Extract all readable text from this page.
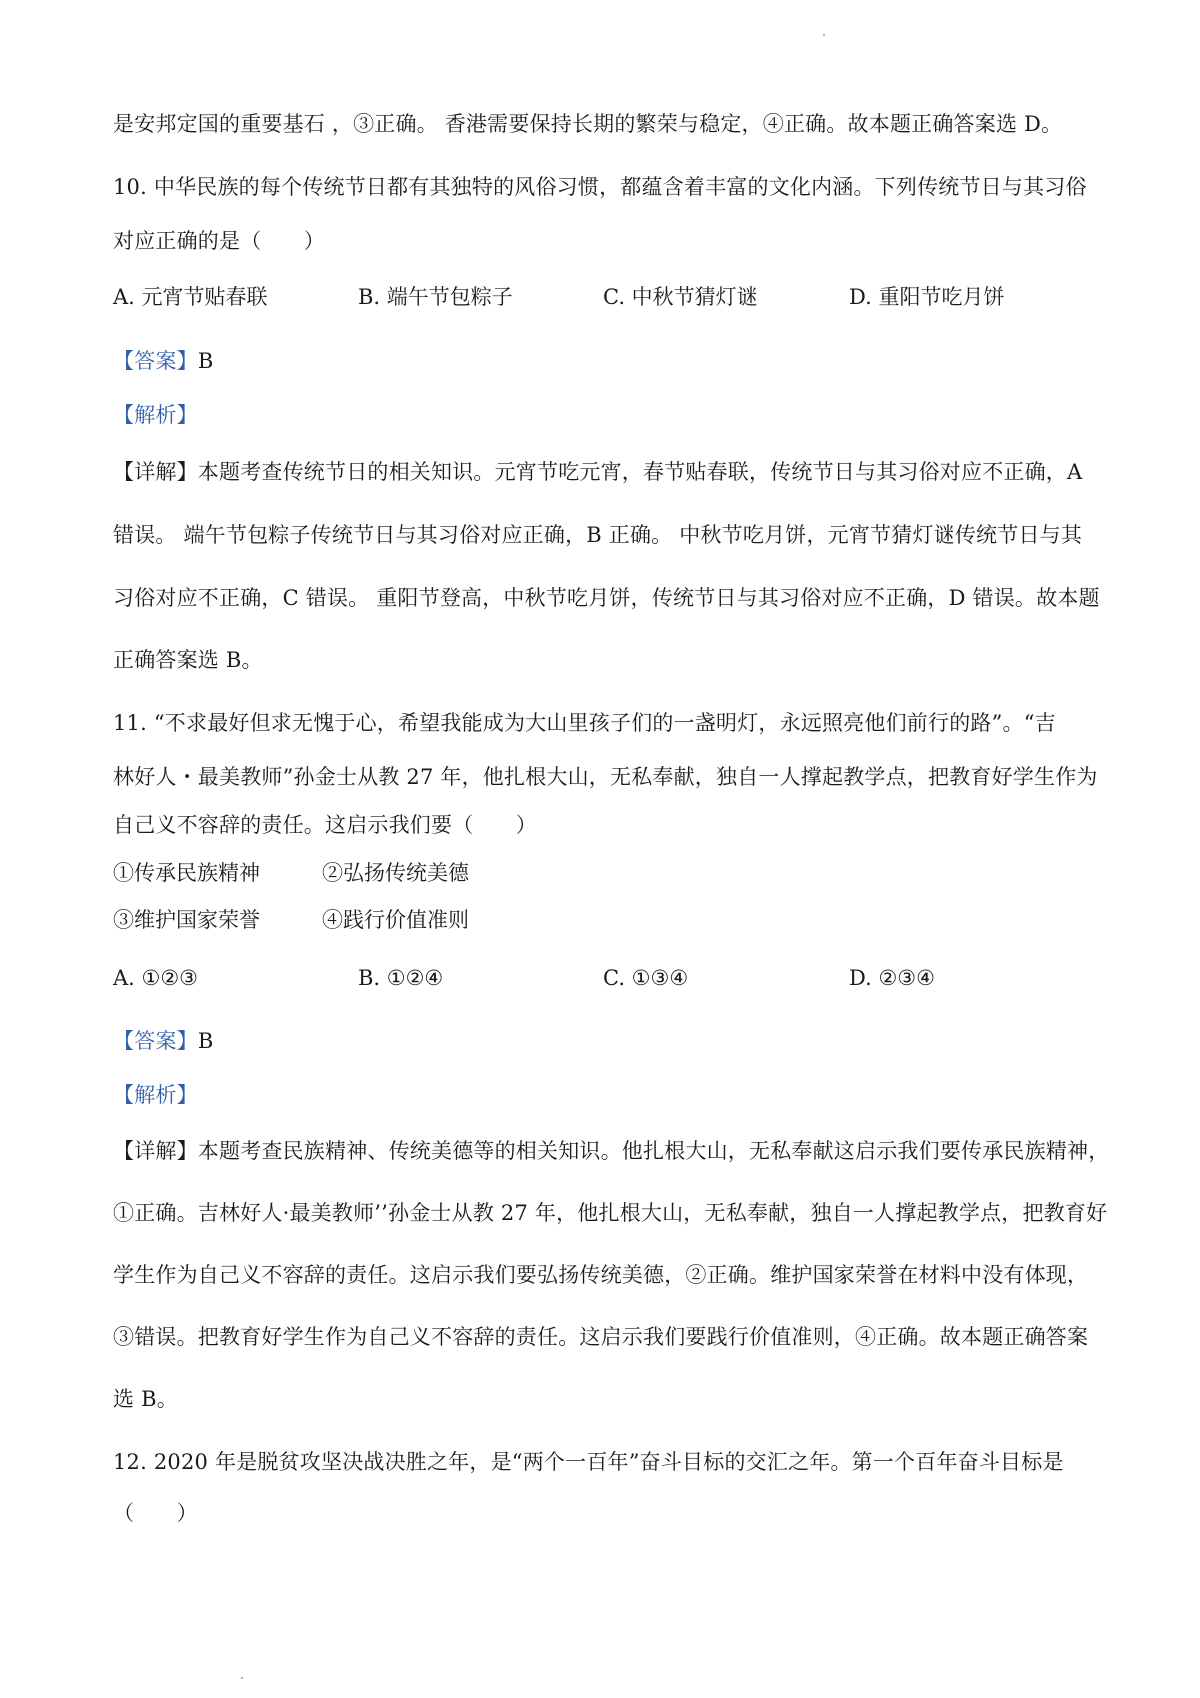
是安邦定国的重要基石 ，③正确。 香港需要保持长期的繁荣与稳定，④正确。故本题正确答案选 D。
10. 中华民族的每个传统节日都有其独特的风俗习惯，都蕴含着丰富的文化内涵。下列传统节日与其习俗
对应正确的是（　　）
A. 元宵节贴春联	B. 端午节包粽子	C. 中秋节猜灯谜	D. 重阳节吃月饼
【答案】B
【解析】
【详解】本题考查传统节日的相关知识。元宵节吃元宵，春节贴春联，传统节日与其习俗对应不正确，A
错误。 端午节包粽子传统节日与其习俗对应正确，B 正确。 中秋节吃月饼，元宵节猜灯谜传统节日与其
习俗对应不正确，C 错误。 重阳节登高，中秋节吃月饼，传统节日与其习俗对应不正确，D 错误。故本题
正确答案选 B。
11. “不求最好但求无愧于心，希望我能成为大山里孩子们的一盏明灯，永远照亮他们前行的路”。“吉
林好人・最美教师”孙金士从教 27 年，他扎根大山，无私奉献，独自一人撑起教学点，把教育好学生作为
自己义不容辞的责任。这启示我们要（　　）
①传承民族精神	②弘扬传统美德
③维护国家荣誉	④践行价值准则
A. ①②③	B. ①②④	C. ①③④	D. ②③④
【答案】B
【解析】
【详解】本题考查民族精神、传统美德等的相关知识。他扎根大山，无私奉献这启示我们要传承民族精神，
①正确。吉林好人·最美教师’’孙金士从教 27 年，他扎根大山，无私奉献，独自一人撑起教学点，把教育好
学生作为自己义不容辞的责任。这启示我们要弘扬传统美德，②正确。维护国家荣誉在材料中没有体现，
③错误。把教育好学生作为自己义不容辞的责任。这启示我们要践行价值准则，④正确。故本题正确答案
选 B。
12. 2020 年是脱贫攻坚决战决胜之年，是“两个一百年”奋斗目标的交汇之年。第一个百年奋斗目标是
（　　）
